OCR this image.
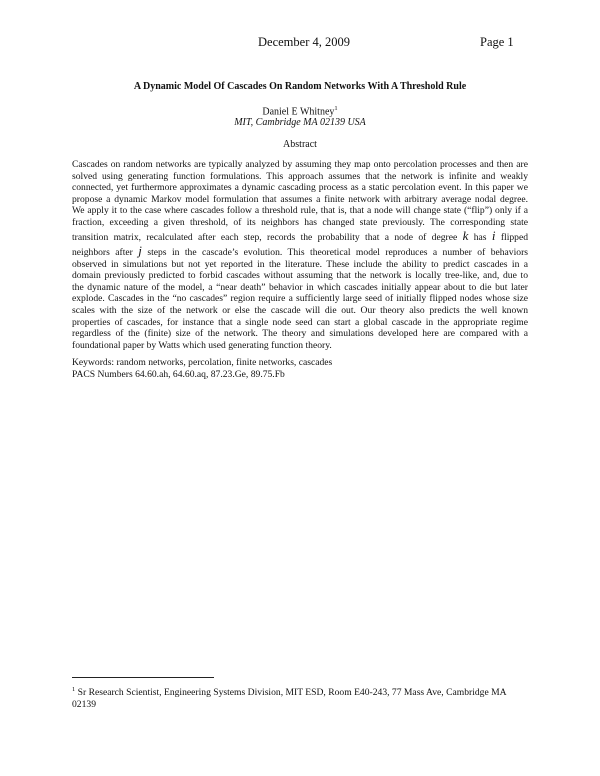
December 4, 2009	Page 1
A Dynamic Model Of Cascades On Random Networks With A Threshold Rule
Daniel E Whitney$^1$
MIT, Cambridge MA 02139 USA
Abstract
Cascades on random networks are typically analyzed by assuming they map onto percolation processes and then are
solved using generating function formulations. This approach assumes that the network is infinite and weakly
connected, yet furthermore approximates a dynamic cascading process as a static percolation event. In this paper we
propose a dynamic Markov model formulation that assumes a finite network with arbitrary average nodal degree.
We apply it to the case where cascades follow a threshold rule, that is, that a node will change state (“flip”) only if a
fraction, exceeding a given threshold, of its neighbors has changed state previously. The corresponding state
transition matrix, recalculated after each step, records the probability that a node of degree k has i flipped
neighbors after j steps in the cascade’s evolution. This theoretical model reproduces a number of behaviors
observed in simulations but not yet reported in the literature. These include the ability to predict cascades in a
domain previously predicted to forbid cascades without assuming that the network is locally tree-like, and, due to
the dynamic nature of the model, a “near death” behavior in which cascades initially appear about to die but later
explode. Cascades in the “no cascades” region require a sufficiently large seed of initially flipped nodes whose size
scales with the size of the network or else the cascade will die out. Our theory also predicts the well known
properties of cascades, for instance that a single node seed can start a global cascade in the appropriate regime
regardless of the (finite) size of the network. The theory and simulations developed here are compared with a
foundational paper by Watts which used generating function theory.
Keywords: random networks, percolation, finite networks, cascades
PACS Numbers 64.60.ah, 64.60.aq, 87.23.Ge, 89.75.Fb
$^1$ Sr Research Scientist, Engineering Systems Division, MIT ESD, Room E40-243, 77 Mass Ave, Cambridge MA 02139
